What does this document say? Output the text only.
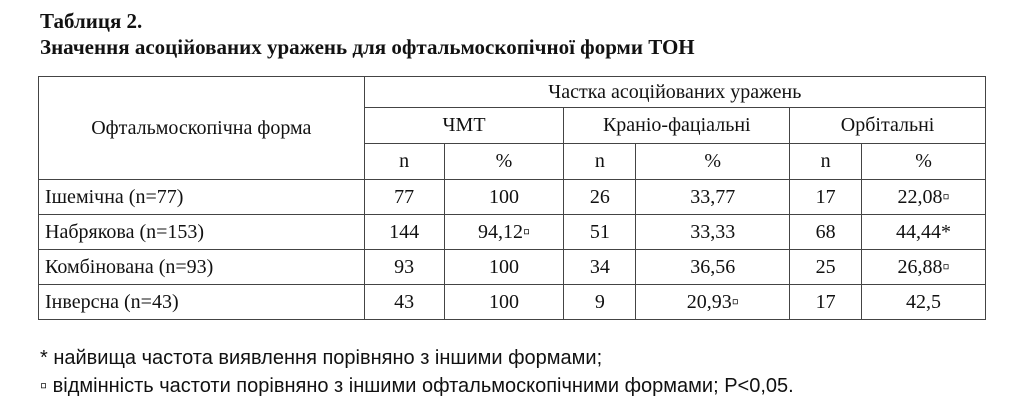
Таблиця 2.
Значення асоційованих уражень для офтальмоскопічної форми ТОН
Офтальмоскопічна форма	Частка асоційованих уражень					
	ЧМТ		Краніо-фаціальні		Орбітальні	
	n	%	n	%	n	%
Ішемічна (n=77)	77	100	26	33,77	17	22,08▫
Набрякова (n=153)	144	94,12▫	51	33,33	68	44,44*
Комбінована (n=93)	93	100	34	36,56	25	26,88▫
Інверсна (n=43)	43	100	9	20,93▫	17	42,5
* найвища частота виявлення порівняно з іншими формами;
▫ відмінність частоти порівняно з іншими офтальмоскопічними формами; P<0,05.
